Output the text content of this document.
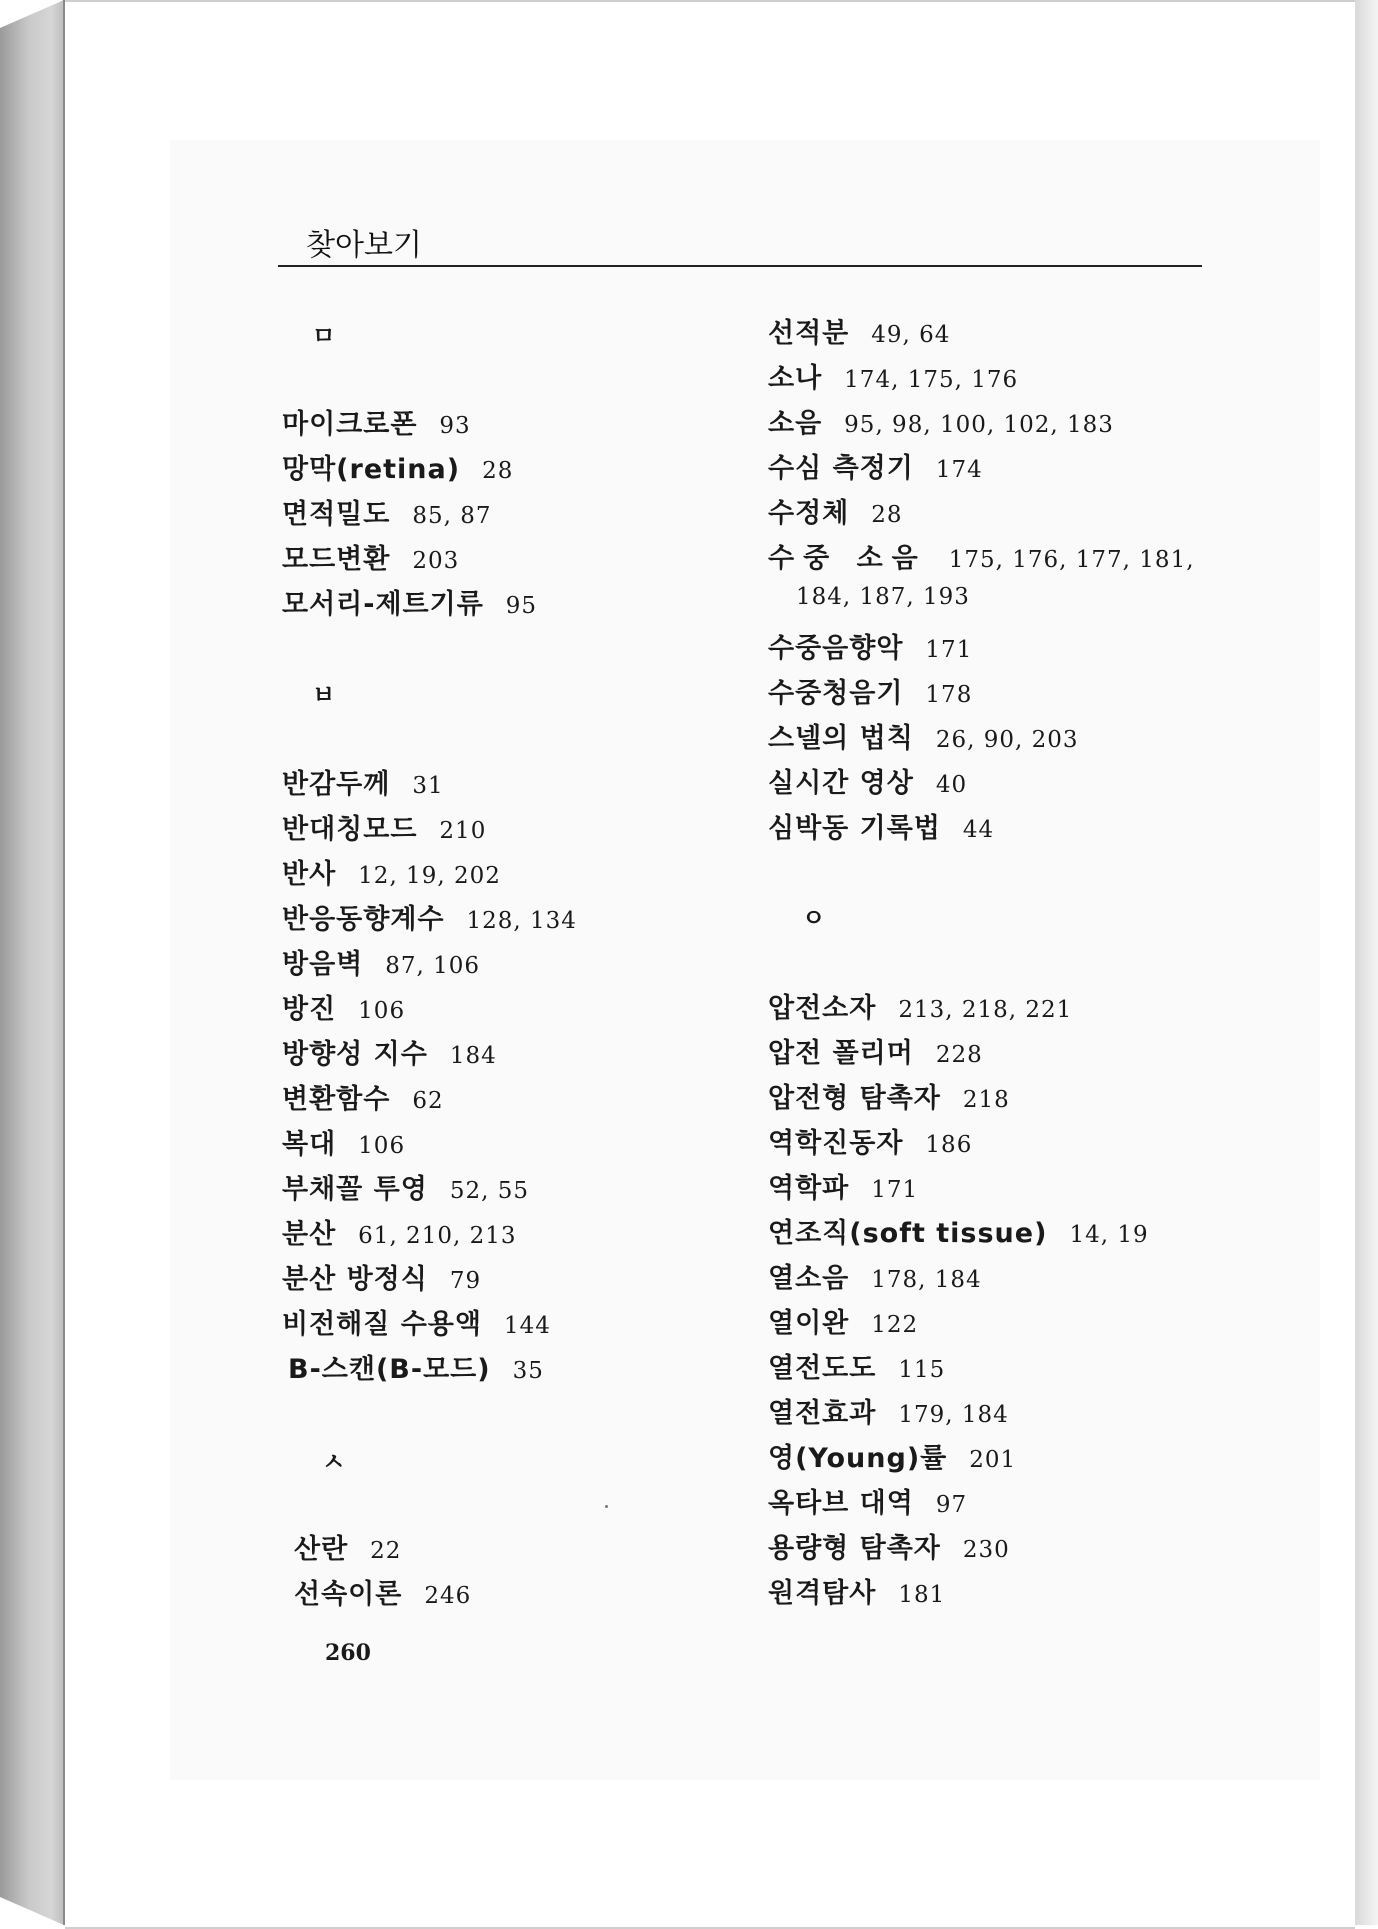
찾아보기
ㅁ
마이크로폰 93
망막(retina) 28
면적밀도 85, 87
모드변환 203
모서리-제트기류 95
ㅂ
반감두께 31
반대칭모드 210
반사 12, 19, 202
반응동향계수 128, 134
방음벽 87, 106
방진 106
방향성 지수 184
변환함수 62
복대 106
부채꼴 투영 52, 55
분산 61, 210, 213
분산 방정식 79
비전해질 수용액 144
B-스캔(B-모드) 35
ㅅ
산란 22
선속이론 246
선적분 49, 64
소나 174, 175, 176
소음 95, 98, 100, 102, 183
수심 측정기 174
수정체 28
수중 소음 175, 176, 177, 181,
184, 187, 193
수중음향악 171
수중청음기 178
스넬의 법칙 26, 90, 203
실시간 영상 40
심박동 기록법 44
ㅇ
압전소자 213, 218, 221
압전 폴리머 228
압전형 탐촉자 218
역학진동자 186
역학파 171
연조직(soft tissue) 14, 19
열소음 178, 184
열이완 122
열전도도 115
열전효과 179, 184
영(Young)률 201
옥타브 대역 97
용량형 탐촉자 230
원격탐사 181
260
